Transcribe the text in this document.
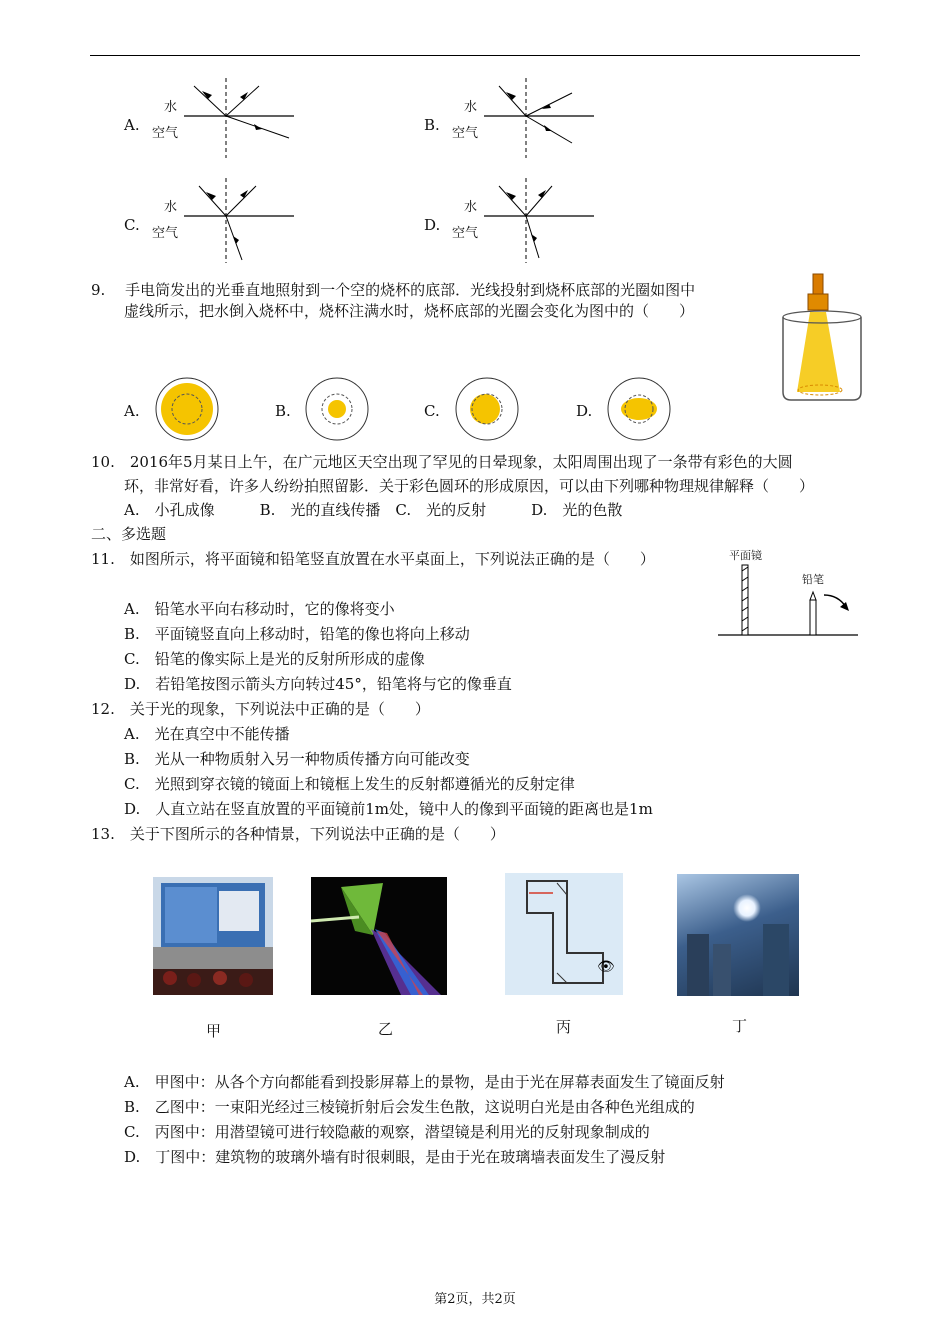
A.
水
空气	B.
水
空气
C.
水
空气	D.
水
空气
9.　 手电筒发出的光垂直地照射到一个空的烧杯的底部．光线投射到烧杯底部的光圈如图中
虚线所示，把水倒入烧杯中，烧杯注满水时，烧杯底部的光圈会变化为图中的（　　）
A.	B.	C.	D.
10.　2016年5月某日上午，在广元地区天空出现了罕见的日晕现象，太阳周围出现了一条带有彩色的大圆
环，非常好看，许多人纷纷拍照留影．关于彩色圆环的形成原因，可以由下列哪种物理规律解释（　　）
A.　小孔成像　　　B.　光的直线传播　C.　光的反射　　　D.　光的色散
二、多选题
11.　如图所示，将平面镜和铅笔竖直放置在水平桌面上，下列说法正确的是（　　）	平面镜
铅笔
A.　铅笔水平向右移动时，它的像将变小
B.　平面镜竖直向上移动时，铅笔的像也将向上移动
C.　铅笔的像实际上是光的反射所形成的虚像
D.　若铅笔按图示箭头方向转过45°，铅笔将与它的像垂直
12.　关于光的现象，下列说法中正确的是（　　）
A.　光在真空中不能传播
B.　光从一种物质射入另一种物质传播方向可能改变
C.　光照到穿衣镜的镜面上和镜框上发生的反射都遵循光的反射定律
D.　人直立站在竖直放置的平面镜前1m处，镜中人的像到平面镜的距离也是1m
13.　关于下图所示的各种情景，下列说法中正确的是（　　）
👁
甲	乙	丙	丁
A.　甲图中：从各个方向都能看到投影屏幕上的景物，是由于光在屏幕表面发生了镜面反射
B.　乙图中：一束阳光经过三棱镜折射后会发生色散，这说明白光是由各种色光组成的
C.　丙图中：用潜望镜可进行较隐蔽的观察，潜望镜是利用光的反射现象制成的
D.　丁图中：建筑物的玻璃外墙有时很刺眼，是由于光在玻璃墙表面发生了漫反射
第2页，共2页
